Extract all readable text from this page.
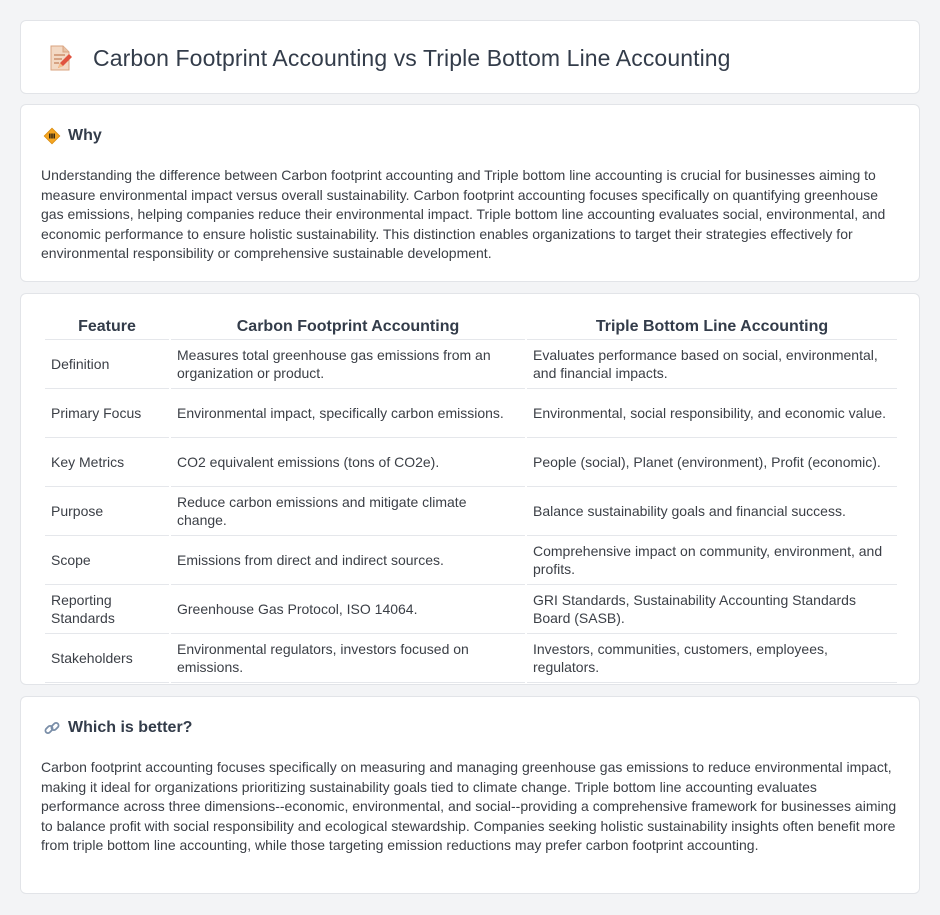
Carbon Footprint Accounting vs Triple Bottom Line Accounting
Why

Understanding the difference between Carbon footprint accounting and Triple bottom line accounting is crucial for businesses aiming to measure environmental impact versus overall sustainability. Carbon footprint accounting focuses specifically on quantifying greenhouse gas emissions, helping companies reduce their environmental impact. Triple bottom line accounting evaluates social, environmental, and economic performance to ensure holistic sustainability. This distinction enables organizations to target their strategies effectively for environmental responsibility or comprehensive sustainable development.

Feature	Carbon Footprint Accounting	Triple Bottom Line Accounting
Definition	Measures total greenhouse gas emissions from an organization or product.	Evaluates performance based on social, environmental, and financial impacts.
Primary Focus	Environmental impact, specifically carbon emissions.	Environmental, social responsibility, and economic value.
Key Metrics	CO2 equivalent emissions (tons of CO2e).	People (social), Planet (environment), Profit (economic).
Purpose	Reduce carbon emissions and mitigate climate change.	Balance sustainability goals and financial success.
Scope	Emissions from direct and indirect sources.	Comprehensive impact on community, environment, and profits.
Reporting Standards	Greenhouse Gas Protocol, ISO 14064.	GRI Standards, Sustainability Accounting Standards Board (SASB).
Stakeholders	Environmental regulators, investors focused on emissions.	Investors, communities, customers, employees, regulators.
Which is better?

Carbon footprint accounting focuses specifically on measuring and managing greenhouse gas emissions to reduce environmental impact, making it ideal for organizations prioritizing sustainability goals tied to climate change. Triple bottom line accounting evaluates performance across three dimensions--economic, environmental, and social--providing a comprehensive framework for businesses aiming to balance profit with social responsibility and ecological stewardship. Companies seeking holistic sustainability insights often benefit more from triple bottom line accounting, while those targeting emission reductions may prefer carbon footprint accounting.
